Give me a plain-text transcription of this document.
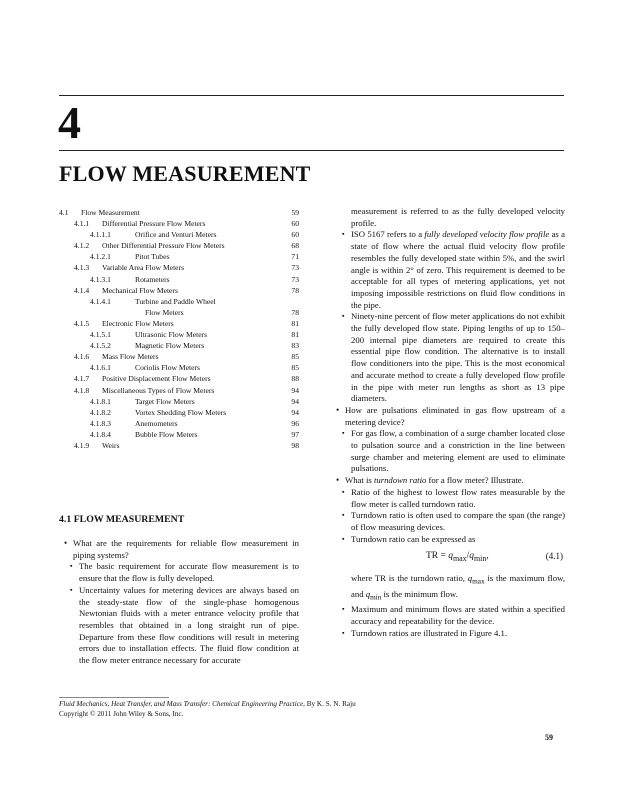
4
FLOW MEASUREMENT
4.1 Flow Measurement	59
4.1.1 Differential Pressure Flow Meters	60
4.1.1.1	Orifice and Venturi Meters	60
4.1.2 Other Differential Pressure Flow Meters	68
4.1.2.1	Pitot Tubes	71
4.1.3 Variable Area Flow Meters	73
4.1.3.1	Rotameters	73
4.1.4 Mechanical Flow Meters	78
4.1.4.1	Turbine and Paddle Wheel
Flow Meters	78
4.1.5 Electronic Flow Meters	81
4.1.5.1	Ultrasonic Flow Meters	81
4.1.5.2	Magnetic Flow Meters	83
4.1.6 Mass Flow Meters	85
4.1.6.1	Coriolis Flow Meters	85
4.1.7 Positive Displacement Flow Meters	88
4.1.8 Miscellaneous Types of Flow Meters	94
4.1.8.1	Target Flow Meters	94
4.1.8.2	Vortex Shedding Flow Meters	94
4.1.8.3	Anemometers	96
4.1.8.4	Bubble Flow Meters	97
4.1.9 Weirs	98
4.1 FLOW MEASUREMENT

• What are the requirements for reliable flow measurement in piping systems?

▪ The basic requirement for accurate flow measurement is to ensure that the flow is fully developed.

▪ Uncertainty values for metering devices are always based on the steady-state flow of the single-phase homogenous Newtonian fluids with a meter entrance velocity profile that resembles that obtained in a long straight run of pipe. Departure from these flow conditions will result in metering errors due to installation effects. The fluid flow condition at the flow meter entrance necessary for accurate

measurement is referred to as the fully developed velocity profile.

▪ ISO 5167 refers to a fully developed velocity flow profile as a state of flow where the actual fluid velocity flow profile resembles the fully developed state within 5%, and the swirl angle is within 2° of zero. This requirement is deemed to be acceptable for all types of metering applications, yet not imposing impossible restrictions on fluid flow conditions in the pipe.

▪ Ninety-nine percent of flow meter applications do not exhibit the fully developed flow state. Piping lengths of up to 150–200 internal pipe diameters are required to create this essential pipe flow condition. The alternative is to install flow conditioners into the pipe. This is the most economical and accurate method to create a fully developed flow profile in the pipe with meter run lengths as short as 13 pipe diameters.

• How are pulsations eliminated in gas flow upstream of a metering device?

▪ For gas flow, a combination of a surge chamber located close to pulsation source and a constriction in the line between surge chamber and metering element are used to eliminate pulsations.

• What is turndown ratio for a flow meter? Illustrate.

▪ Ratio of the highest to lowest flow rates measurable by the flow meter is called turndown ratio.

▪ Turndown ratio is often used to compare the span (the range) of flow measuring devices.

▪ Turndown ratio can be expressed as

TR = $q_{max}/q_{min}$,	(4.1)

where TR is the turndown ratio, $q_{max}$ is the maximum flow, and $q_{min}$ is the minimum flow.

▪ Maximum and minimum flows are stated within a specified accuracy and repeatability for the device.

▪ Turndown ratios are illustrated in Figure 4.1.

Fluid Mechanics, Heat Transfer, and Mass Transfer: Chemical Engineering Practice, By K. S. N. Raju
Copyright © 2011 John Wiley & Sons, Inc.
59
